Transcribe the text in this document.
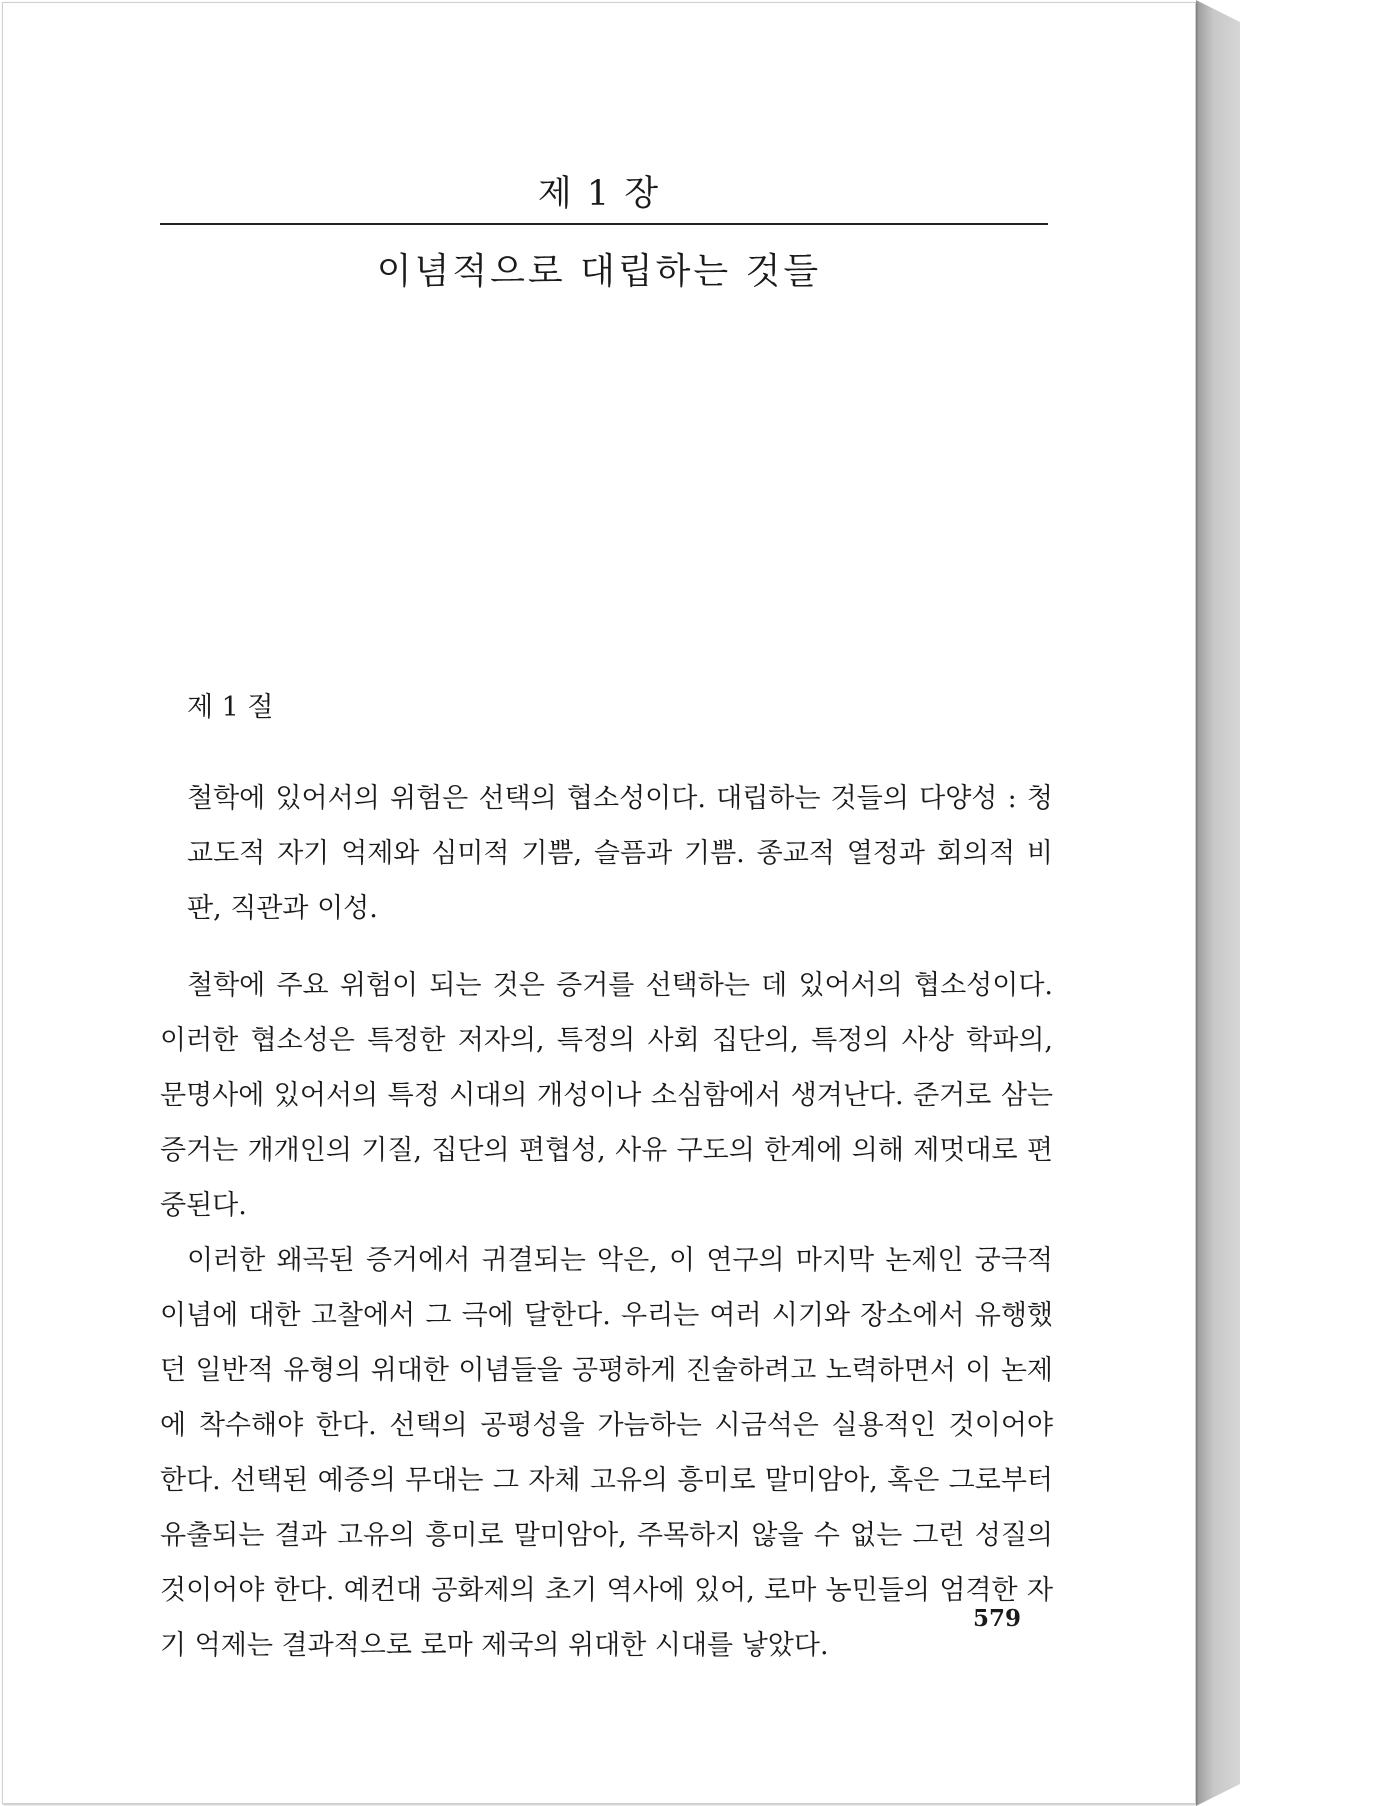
제 1 장
이념적으로 대립하는 것들
제 1 절
철학에 있어서의 위험은 선택의 협소성이다. 대립하는 것들의 다양성 : 청교도적 자기 억제와 심미적 기쁨, 슬픔과 기쁨. 종교적 열정과 회의적 비판, 직관과 이성.

철학에 주요 위험이 되는 것은 증거를 선택하는 데 있어서의 협소성이다. 이러한 협소성은 특정한 저자의, 특정의 사회 집단의, 특정의 사상 학파의, 문명사에 있어서의 특정 시대의 개성이나 소심함에서 생겨난다. 준거로 삼는 증거는 개개인의 기질, 집단의 편협성, 사유 구도의 한계에 의해 제멋대로 편중된다.

이러한 왜곡된 증거에서 귀결되는 악은, 이 연구의 마지막 논제인 궁극적 이념에 대한 고찰에서 그 극에 달한다. 우리는 여러 시기와 장소에서 유행했던 일반적 유형의 위대한 이념들을 공평하게 진술하려고 노력하면서 이 논제에 착수해야 한다. 선택의 공평성을 가늠하는 시금석은 실용적인 것이어야 한다. 선택된 예증의 무대는 그 자체 고유의 흥미로 말미암아, 혹은 그로부터 유출되는 결과 고유의 흥미로 말미암아, 주목하지 않을 수 없는 그런 성질의 것이어야 한다. 예컨대 공화제의 초기 역사에 있어, 로마 농민들의 엄격한 자기 억제는 결과적으로 로마 제국의 위대한 시대를 낳았다.

579
